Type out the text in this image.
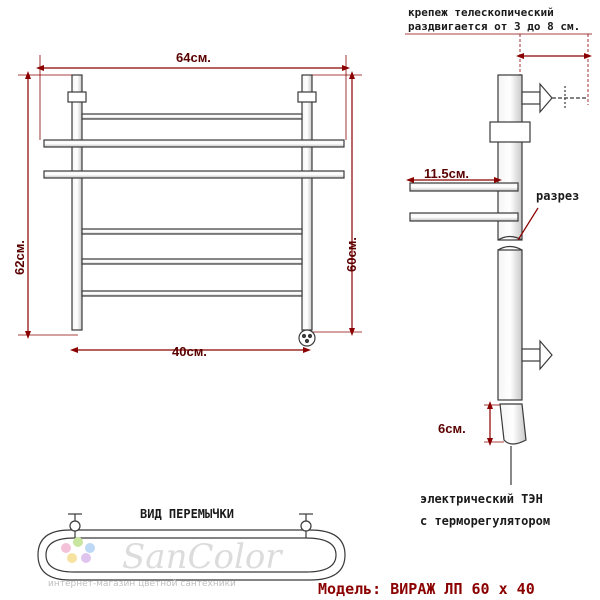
64см.
40см.
62см.	60см.
крепеж телескопический
раздвигается от 3 до 8 см.
11.5см.
разрез
6см.
электрический ТЭН
с терморегулятором
ВИД ПЕРЕМЫЧКИ
SanColor
интернет-магазин цветной сантехники	Модель: ВИРАЖ ЛП 60 х 40
